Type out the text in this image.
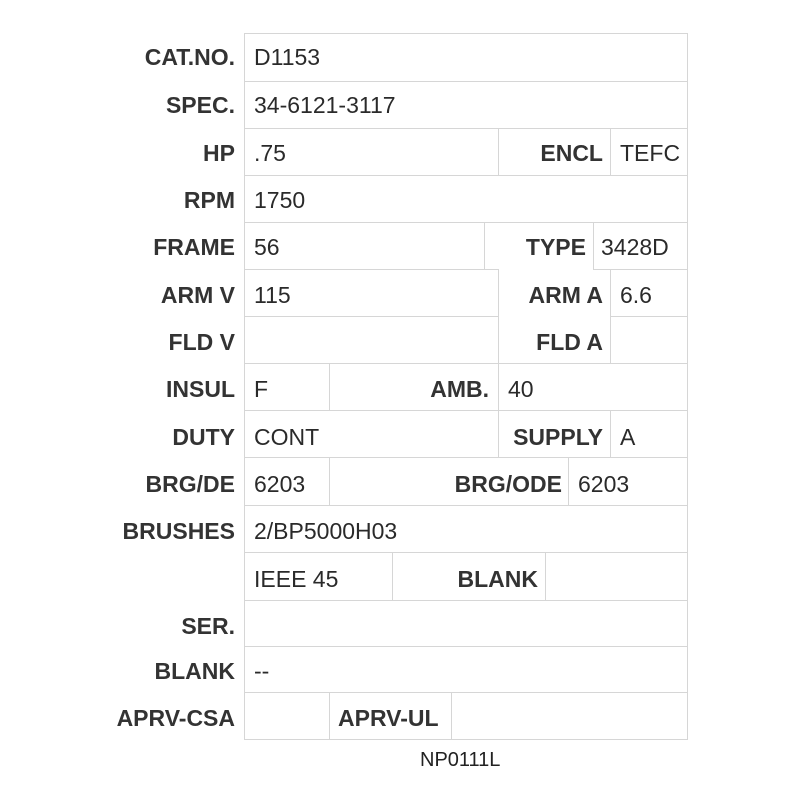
CAT.NO. D1153
SPEC. 34-6121-3117
HP .75	ENCL TEFC
RPM 1750
FRAME 56	TYPE 3428D
ARM V 115	ARM A 6.6
FLD V	FLD A
INSUL F	AMB. 40
DUTY CONT	SUPPLY A
BRG/DE 6203	BRG/ODE 6203
BRUSHES 2/BP5000H03
IEEE 45	BLANK
SER.
BLANK --
APRV-CSA	APRV-UL
NP0111L
